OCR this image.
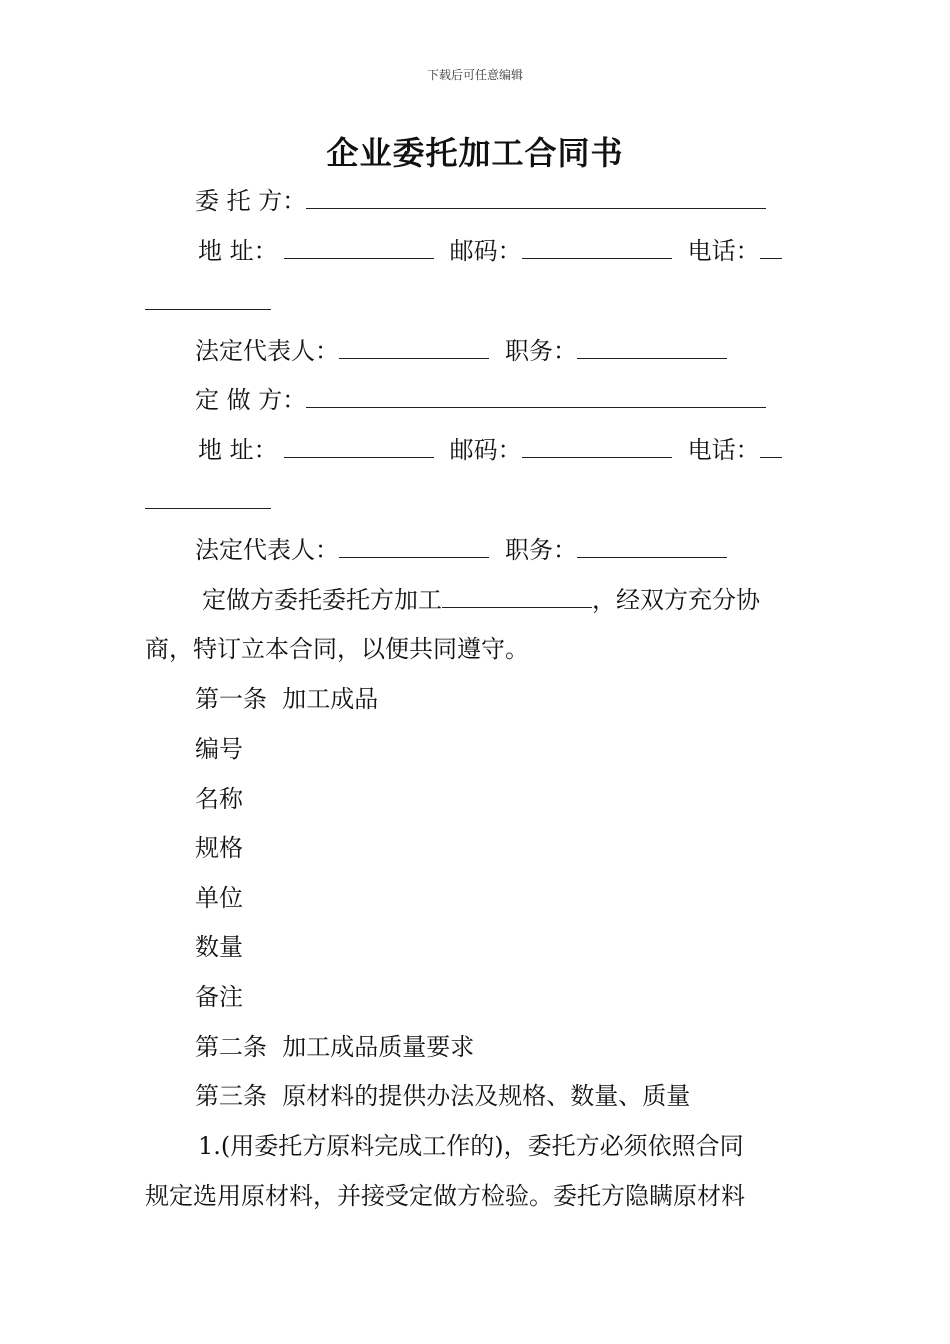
下载后可任意编辑
企业委托加工合同书
委 托 方：
地 址：	邮码：	电话：
法定代表人：	职务：
定 做 方：
地 址：	邮码：	电话：
法定代表人：	职务：
定做方委托委托方加工	，经双方充分协
商，特订立本合同，以便共同遵守。
第一条  加工成品
编号
名称
规格
单位
数量
备注
第二条  加工成品质量要求
第三条  原材料的提供办法及规格、数量、质量
1.(用委托方原料完成工作的)，委托方必须依照合同
规定选用原材料，并接受定做方检验。委托方隐瞒原材料
